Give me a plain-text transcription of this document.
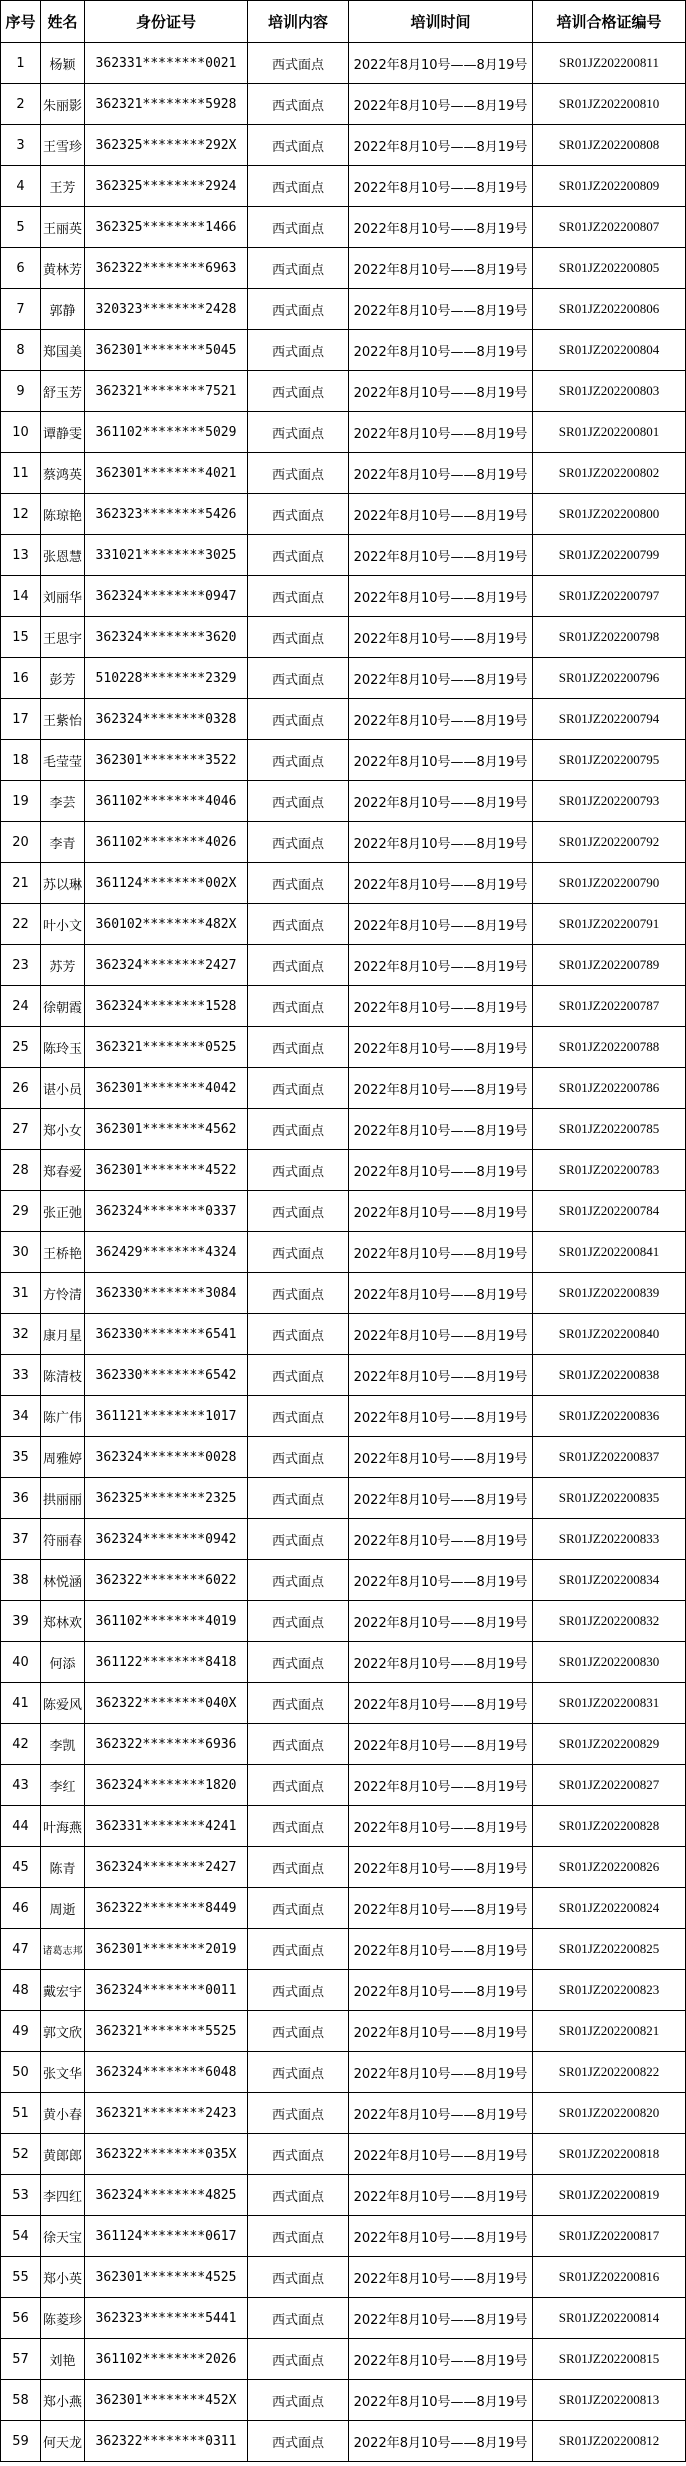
序号	姓名	身份证号	培训内容	培训时间	培训合格证编号
1	杨颖	362331********0021	西式面点	2022年8月10号——8月19号	SR01JZ202200811
2	朱丽影	362321********5928	西式面点	2022年8月10号——8月19号	SR01JZ202200810
3	王雪珍	362325********292X	西式面点	2022年8月10号——8月19号	SR01JZ202200808
4	王芳	362325********2924	西式面点	2022年8月10号——8月19号	SR01JZ202200809
5	王丽英	362325********1466	西式面点	2022年8月10号——8月19号	SR01JZ202200807
6	黄林芳	362322********6963	西式面点	2022年8月10号——8月19号	SR01JZ202200805
7	郭静	320323********2428	西式面点	2022年8月10号——8月19号	SR01JZ202200806
8	郑国美	362301********5045	西式面点	2022年8月10号——8月19号	SR01JZ202200804
9	舒玉芳	362321********7521	西式面点	2022年8月10号——8月19号	SR01JZ202200803
10	谭静雯	361102********5029	西式面点	2022年8月10号——8月19号	SR01JZ202200801
11	蔡鸿英	362301********4021	西式面点	2022年8月10号——8月19号	SR01JZ202200802
12	陈琼艳	362323********5426	西式面点	2022年8月10号——8月19号	SR01JZ202200800
13	张恩慧	331021********3025	西式面点	2022年8月10号——8月19号	SR01JZ202200799
14	刘丽华	362324********0947	西式面点	2022年8月10号——8月19号	SR01JZ202200797
15	王思宇	362324********3620	西式面点	2022年8月10号——8月19号	SR01JZ202200798
16	彭芳	510228********2329	西式面点	2022年8月10号——8月19号	SR01JZ202200796
17	王紫怡	362324********0328	西式面点	2022年8月10号——8月19号	SR01JZ202200794
18	毛莹莹	362301********3522	西式面点	2022年8月10号——8月19号	SR01JZ202200795
19	李芸	361102********4046	西式面点	2022年8月10号——8月19号	SR01JZ202200793
20	李青	361102********4026	西式面点	2022年8月10号——8月19号	SR01JZ202200792
21	苏以琳	361124********002X	西式面点	2022年8月10号——8月19号	SR01JZ202200790
22	叶小文	360102********482X	西式面点	2022年8月10号——8月19号	SR01JZ202200791
23	苏芳	362324********2427	西式面点	2022年8月10号——8月19号	SR01JZ202200789
24	徐朝霞	362324********1528	西式面点	2022年8月10号——8月19号	SR01JZ202200787
25	陈玲玉	362321********0525	西式面点	2022年8月10号——8月19号	SR01JZ202200788
26	谌小员	362301********4042	西式面点	2022年8月10号——8月19号	SR01JZ202200786
27	郑小女	362301********4562	西式面点	2022年8月10号——8月19号	SR01JZ202200785
28	郑春爱	362301********4522	西式面点	2022年8月10号——8月19号	SR01JZ202200783
29	张正弛	362324********0337	西式面点	2022年8月10号——8月19号	SR01JZ202200784
30	王桥艳	362429********4324	西式面点	2022年8月10号——8月19号	SR01JZ202200841
31	方怜清	362330********3084	西式面点	2022年8月10号——8月19号	SR01JZ202200839
32	康月星	362330********6541	西式面点	2022年8月10号——8月19号	SR01JZ202200840
33	陈清枝	362330********6542	西式面点	2022年8月10号——8月19号	SR01JZ202200838
34	陈广伟	361121********1017	西式面点	2022年8月10号——8月19号	SR01JZ202200836
35	周雅婷	362324********0028	西式面点	2022年8月10号——8月19号	SR01JZ202200837
36	拱丽丽	362325********2325	西式面点	2022年8月10号——8月19号	SR01JZ202200835
37	符丽春	362324********0942	西式面点	2022年8月10号——8月19号	SR01JZ202200833
38	林悦涵	362322********6022	西式面点	2022年8月10号——8月19号	SR01JZ202200834
39	郑林欢	361102********4019	西式面点	2022年8月10号——8月19号	SR01JZ202200832
40	何添	361122********8418	西式面点	2022年8月10号——8月19号	SR01JZ202200830
41	陈爱风	362322********040X	西式面点	2022年8月10号——8月19号	SR01JZ202200831
42	李凯	362322********6936	西式面点	2022年8月10号——8月19号	SR01JZ202200829
43	李红	362324********1820	西式面点	2022年8月10号——8月19号	SR01JZ202200827
44	叶海燕	362331********4241	西式面点	2022年8月10号——8月19号	SR01JZ202200828
45	陈青	362324********2427	西式面点	2022年8月10号——8月19号	SR01JZ202200826
46	周逝	362322********8449	西式面点	2022年8月10号——8月19号	SR01JZ202200824
47	诸葛志邦	362301********2019	西式面点	2022年8月10号——8月19号	SR01JZ202200825
48	戴宏宇	362324********0011	西式面点	2022年8月10号——8月19号	SR01JZ202200823
49	郭文欣	362321********5525	西式面点	2022年8月10号——8月19号	SR01JZ202200821
50	张文华	362324********6048	西式面点	2022年8月10号——8月19号	SR01JZ202200822
51	黄小春	362321********2423	西式面点	2022年8月10号——8月19号	SR01JZ202200820
52	黄郎郎	362322********035X	西式面点	2022年8月10号——8月19号	SR01JZ202200818
53	李四红	362324********4825	西式面点	2022年8月10号——8月19号	SR01JZ202200819
54	徐天宝	361124********0617	西式面点	2022年8月10号——8月19号	SR01JZ202200817
55	郑小英	362301********4525	西式面点	2022年8月10号——8月19号	SR01JZ202200816
56	陈菱珍	362323********5441	西式面点	2022年8月10号——8月19号	SR01JZ202200814
57	刘艳	361102********2026	西式面点	2022年8月10号——8月19号	SR01JZ202200815
58	郑小燕	362301********452X	西式面点	2022年8月10号——8月19号	SR01JZ202200813
59	何天龙	362322********0311	西式面点	2022年8月10号——8月19号	SR01JZ202200812
